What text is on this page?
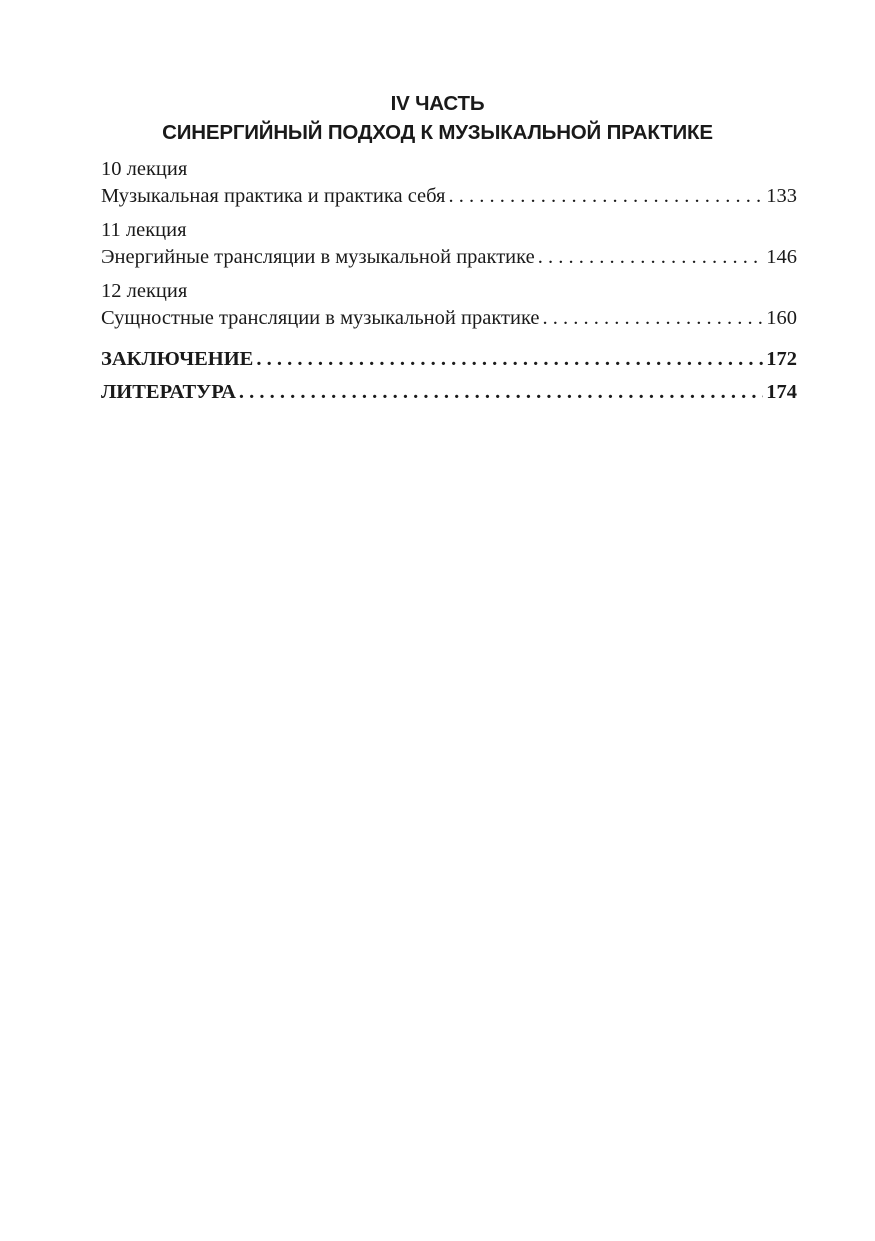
IV ЧАСТЬ
СИНЕРГИЙНЫЙ ПОДХОД К МУЗЫКАЛЬНОЙ ПРАКТИКЕ
10 лекция
Музыкальная практика и практика себя . . .	133
11 лекция
Энергийные трансляции в музыкальной практике . . .	146
12 лекция
Сущностные трансляции в музыкальной практике . . .	160
ЗАКЛЮЧЕНИЕ . . .	172
ЛИТЕРАТУРА . . .	174
